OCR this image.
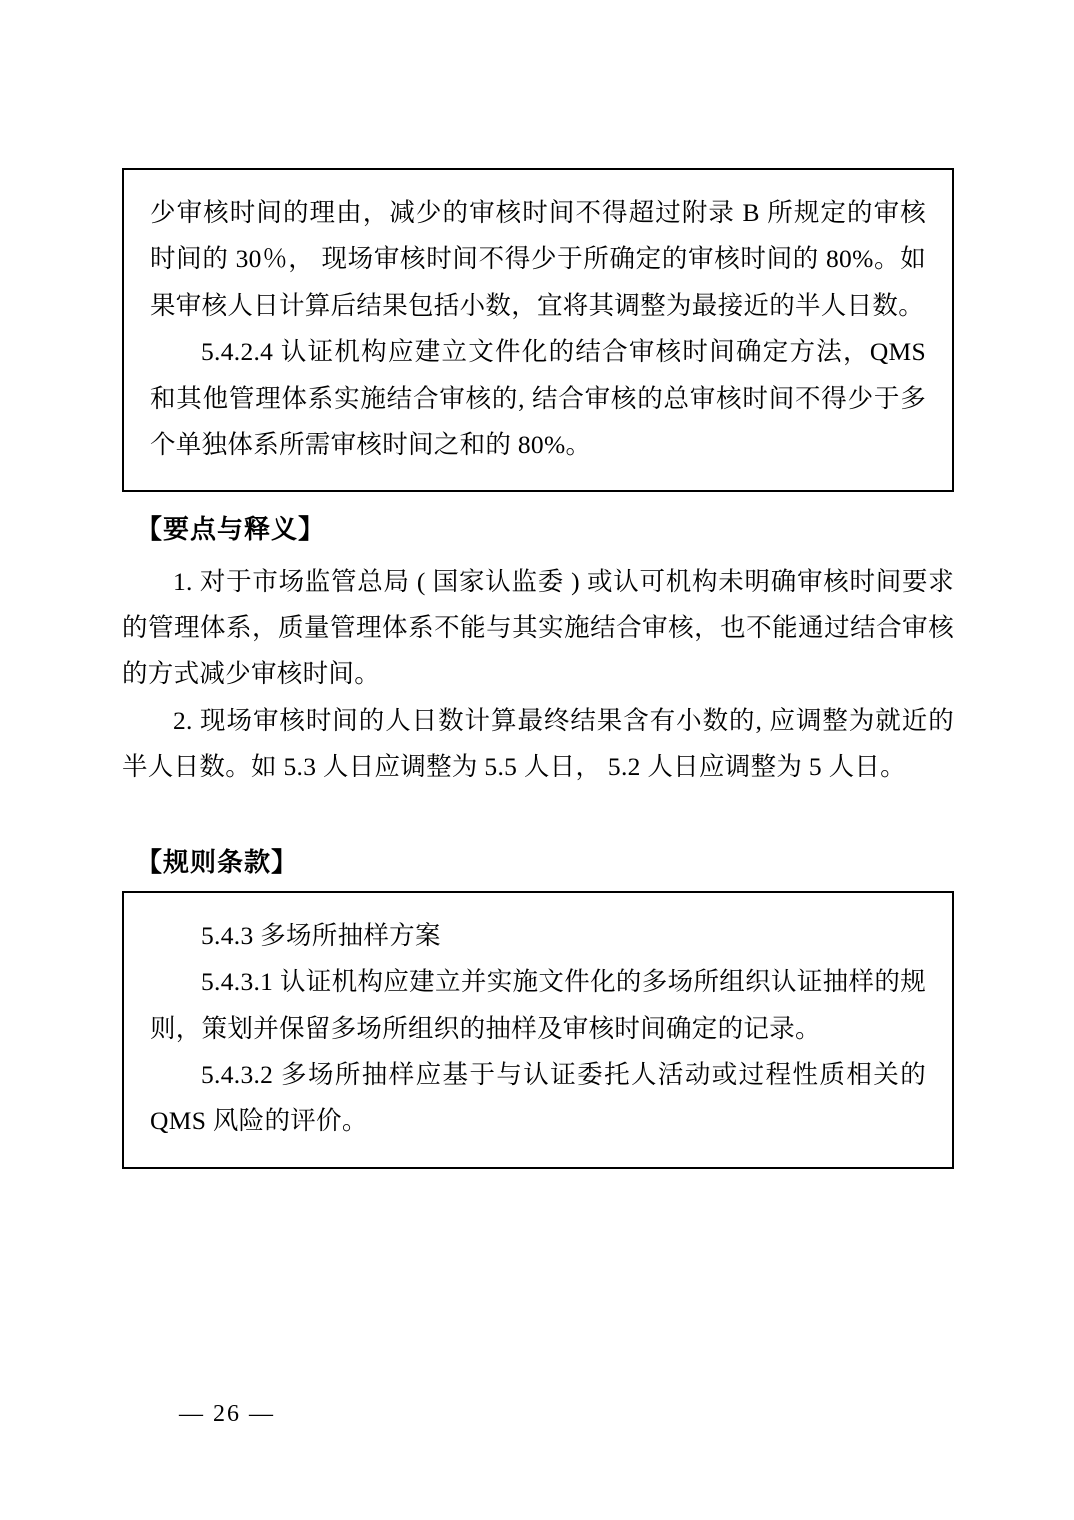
少审核时间的理由，减少的审核时间不得超过附录 B 所规定的审核时间的 30％， 现场审核时间不得少于所确定的审核时间的 80%。如果审核人日计算后结果包括小数，宜将其调整为最接近的半人日数。

5.4.2.4 认证机构应建立文件化的结合审核时间确定方法，QMS 和其他管理体系实施结合审核的, 结合审核的总审核时间不得少于多个单独体系所需审核时间之和的 80%。

【要点与释义】

1. 对于市场监管总局 ( 国家认监委 ) 或认可机构未明确审核时间要求的管理体系，质量管理体系不能与其实施结合审核，也不能通过结合审核的方式减少审核时间。

2. 现场审核时间的人日数计算最终结果含有小数的, 应调整为就近的半人日数。如 5.3 人日应调整为 5.5 人日， 5.2 人日应调整为 5 人日。

【规则条款】

5.4.3 多场所抽样方案

5.4.3.1 认证机构应建立并实施文件化的多场所组织认证抽样的规则，策划并保留多场所组织的抽样及审核时间确定的记录。

5.4.3.2 多场所抽样应基于与认证委托人活动或过程性质相关的 QMS 风险的评价。

— 26 —
